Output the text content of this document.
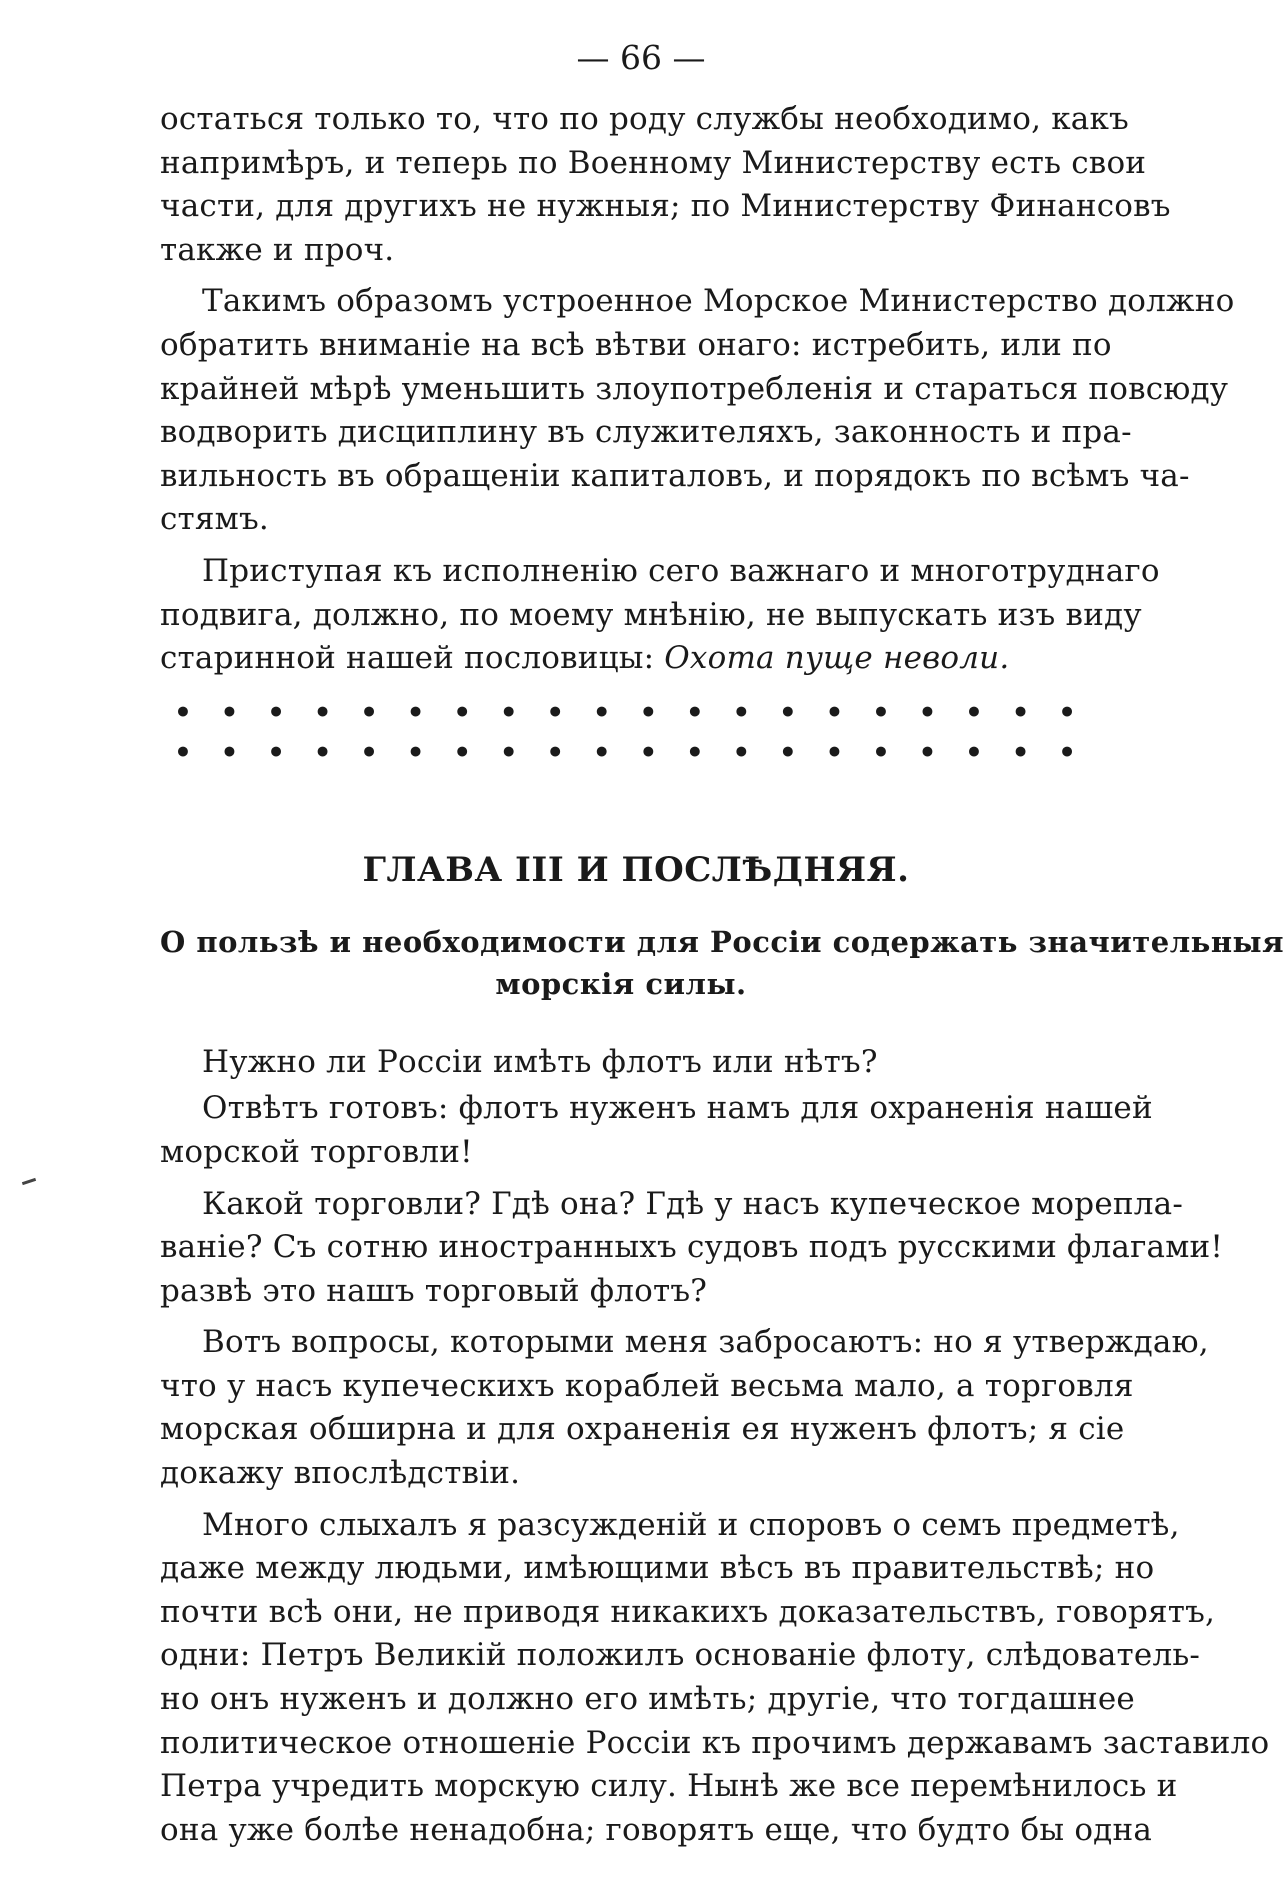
— 66 —
остаться только то, что по роду службы необходимо, какъ
напримѣръ, и теперь по Военному Министерству есть свои
части, для другихъ не нужныя; по Министерству Финансовъ
также и проч.
Такимъ образомъ устроенное Морское Министерство должно
обратить вниманіе на всѣ вѣтви онаго: истребить, или по
крайней мѣрѣ уменьшить злоупотребленія и стараться повсюду
водворить дисциплину въ служителяхъ, законность и пра-
вильность въ обращеніи капиталовъ, и порядокъ по всѣмъ ча-
стямъ.
Приступая къ исполненію сего важнаго и многотруднаго
подвига, должно, по моему мнѣнію, не выпускать изъ виду
старинной нашей пословицы: Охота пуще неволи.
• • • • • • • • • • • • • • • • • • • •
• • • • • • • • • • • • • • • • • • • •
ГЛАВА III И ПОСЛѢДНЯЯ.
О пользѣ и необходимости для Россіи содержать значительныя
морскія силы.
Нужно ли Россіи имѣть флотъ или нѣтъ?
Отвѣтъ готовъ: флотъ нуженъ намъ для охраненія нашей
морской торговли!
Какой торговли? Гдѣ она? Гдѣ у насъ купеческое морепла-
ваніе? Съ сотню иностранныхъ судовъ подъ русскими флагами!
развѣ это нашъ торговый флотъ?
Вотъ вопросы, которыми меня забросаютъ: но я утверждаю,
что у насъ купеческихъ кораблей весьма мало, а торговля
морская обширна и для охраненія ея нуженъ флотъ; я сіе
докажу впослѣдствіи.
Много слыхалъ я разсужденій и споровъ о семъ предметѣ,
даже между людьми, имѣющими вѣсъ въ правительствѣ; но
почти всѣ они, не приводя никакихъ доказательствъ, говорятъ,
одни: Петръ Великій положилъ основаніе флоту, слѣдователь-
но онъ нуженъ и должно его имѣть; другіе, что тогдашнее
политическое отношеніе Россіи къ прочимъ державамъ заставило
Петра учредить морскую силу. Нынѣ же все перемѣнилось и
она уже болѣе ненадобна; говорятъ еще, что будто бы одна
